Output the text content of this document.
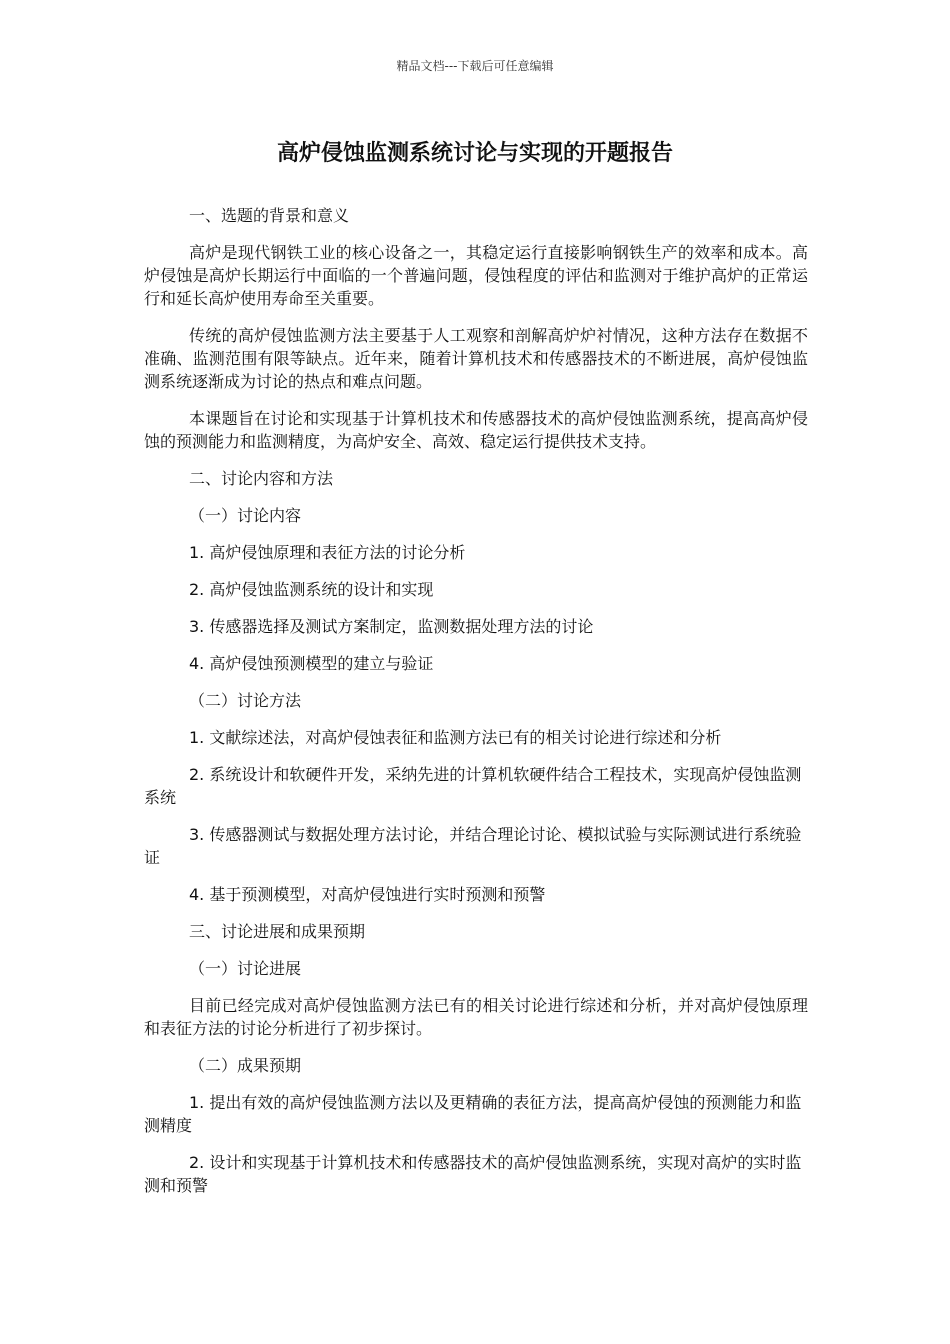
精品文档---下载后可任意编辑
高炉侵蚀监测系统讨论与实现的开题报告

一、选题的背景和意义

高炉是现代钢铁工业的核心设备之一，其稳定运行直接影响钢铁生产的效率和成本。高炉侵蚀是高炉长期运行中面临的一个普遍问题，侵蚀程度的评估和监测对于维护高炉的正常运行和延长高炉使用寿命至关重要。

传统的高炉侵蚀监测方法主要基于人工观察和剖解高炉炉衬情况，这种方法存在数据不准确、监测范围有限等缺点。近年来，随着计算机技术和传感器技术的不断进展，高炉侵蚀监测系统逐渐成为讨论的热点和难点问题。

本课题旨在讨论和实现基于计算机技术和传感器技术的高炉侵蚀监测系统，提高高炉侵蚀的预测能力和监测精度，为高炉安全、高效、稳定运行提供技术支持。

二、讨论内容和方法

（一）讨论内容

1. 高炉侵蚀原理和表征方法的讨论分析

2. 高炉侵蚀监测系统的设计和实现

3. 传感器选择及测试方案制定，监测数据处理方法的讨论

4. 高炉侵蚀预测模型的建立与验证

（二）讨论方法

1. 文献综述法，对高炉侵蚀表征和监测方法已有的相关讨论进行综述和分析

2. 系统设计和软硬件开发，采纳先进的计算机软硬件结合工程技术，实现高炉侵蚀监测系统

3. 传感器测试与数据处理方法讨论，并结合理论讨论、模拟试验与实际测试进行系统验证

4. 基于预测模型，对高炉侵蚀进行实时预测和预警

三、讨论进展和成果预期

（一）讨论进展

目前已经完成对高炉侵蚀监测方法已有的相关讨论进行综述和分析，并对高炉侵蚀原理和表征方法的讨论分析进行了初步探讨。

（二）成果预期

1. 提出有效的高炉侵蚀监测方法以及更精确的表征方法，提高高炉侵蚀的预测能力和监测精度

2. 设计和实现基于计算机技术和传感器技术的高炉侵蚀监测系统，实现对高炉的实时监测和预警
